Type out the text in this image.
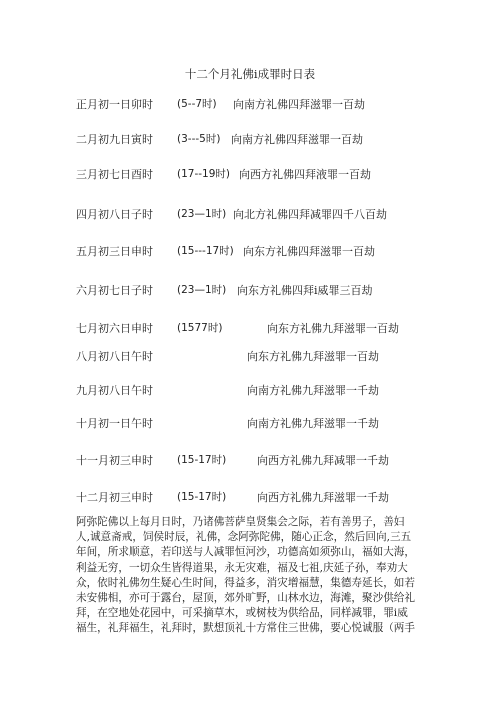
十二个月礼佛i成罪时日表
正月初一日卯时 (5--7时) 向南方礼佛四拜滋罪一百劫
二月初九日寅时 (3---5时) 向南方礼佛四拜滋罪一百劫
三月初七日酉时 (17--19时) 向西方礼佛四拜液罪一百劫
四月初八日子时 (23—1时) 向北方礼佛四拜减罪四千八百劫
五月初三日申时 (15---17时) 向东方礼佛四拜滋罪一百劫
六月初七日子时 (23—1时) 向东方礼佛四拜i威罪三百劫
七月初六日申时 (1577时)	向东方礼佛九拜滋罪一百劫
八月初八日午时	向东方礼佛九拜滋罪一百劫
九月初八日午时	向南方礼佛九拜滋罪一千劫
十月初一日午时	向南方礼佛九拜滋罪一千劫
十一月初三申时 (15-17时)	向西方礼佛九拜减罪一千劫
十二月初三申时 (15-17时)	向西方礼佛九拜滋罪一千劫
阿弥陀佛以上每月日时，乃诸佛菩萨皇贤集会之际，若有善男子，善妇
人,诚意斋戒，饲侯时辰，礼佛，念阿弥陀佛，随心正念，然后回向,三五
年间，所求顺意，若印送与人减罪恒河沙，功德高如须弥山，福如大海，
利益无穷，一切众生皆得道果，永无灾难，福及七祖,庆延子孙，奉劝大
众，依时礼佛勿生疑心生时间，得益多，消灾增福慧，集德寿延长，如若
未安佛相，亦可于露台，屋顶，郊外旷野，山林水边，海滩，聚沙供给礼
拜，在空地处花园中，可采摘草木，或树枝为供给品，同样减罪，罪i威
福生，礼拜福生，礼拜时，默想顶礼十方常住三世佛，要心悦诚服（两手
